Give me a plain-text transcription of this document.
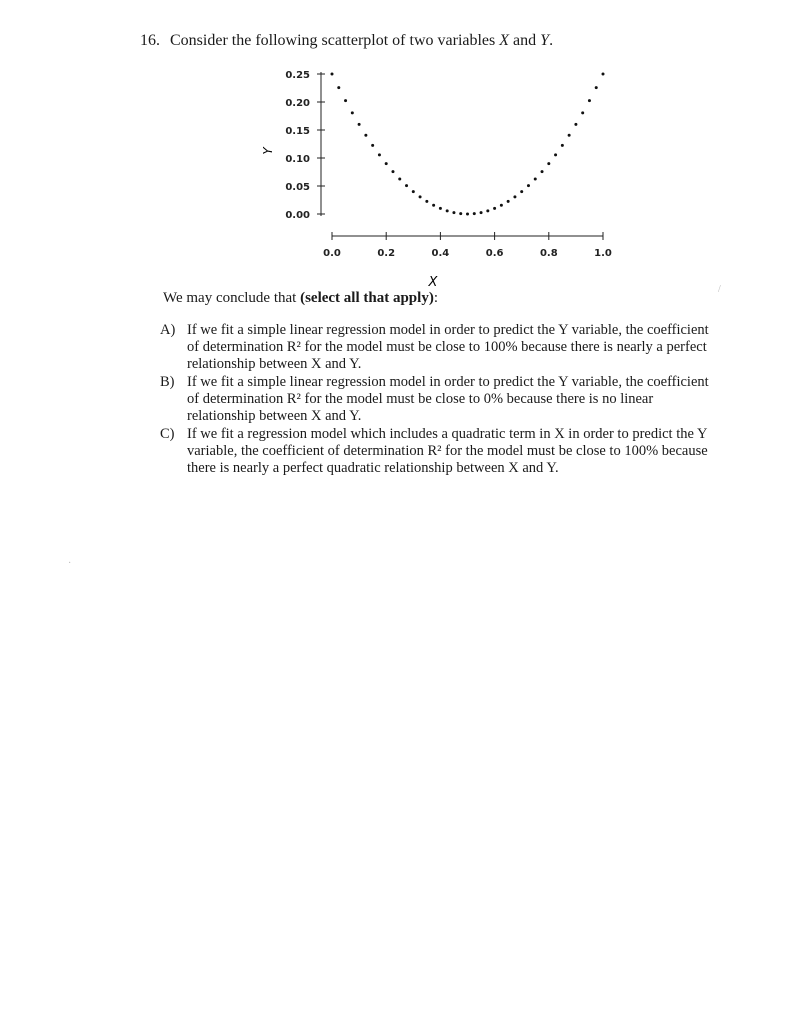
16. Consider the following scatterplot of two variables X and Y.
0.00
0.05
0.10
0.15
0.20
0.25
0.0	0.2	0.4	0.6	0.8	1.0
Y
X
We may conclude that (select all that apply):
A) If we fit a simple linear regression model in order to predict the Y variable, the coefficient of determination R² for the model must be close to 100% because there is nearly a perfect relationship between X and Y.
B) If we fit a simple linear regression model in order to predict the Y variable, the coefficient of determination R² for the model must be close to 0% because there is no linear relationship between X and Y.
C) If we fit a regression model which includes a quadratic term in X in order to predict the Y variable, the coefficient of determination R² for the model must be close to 100% because there is nearly a perfect quadratic relationship between X and Y.
/
·
